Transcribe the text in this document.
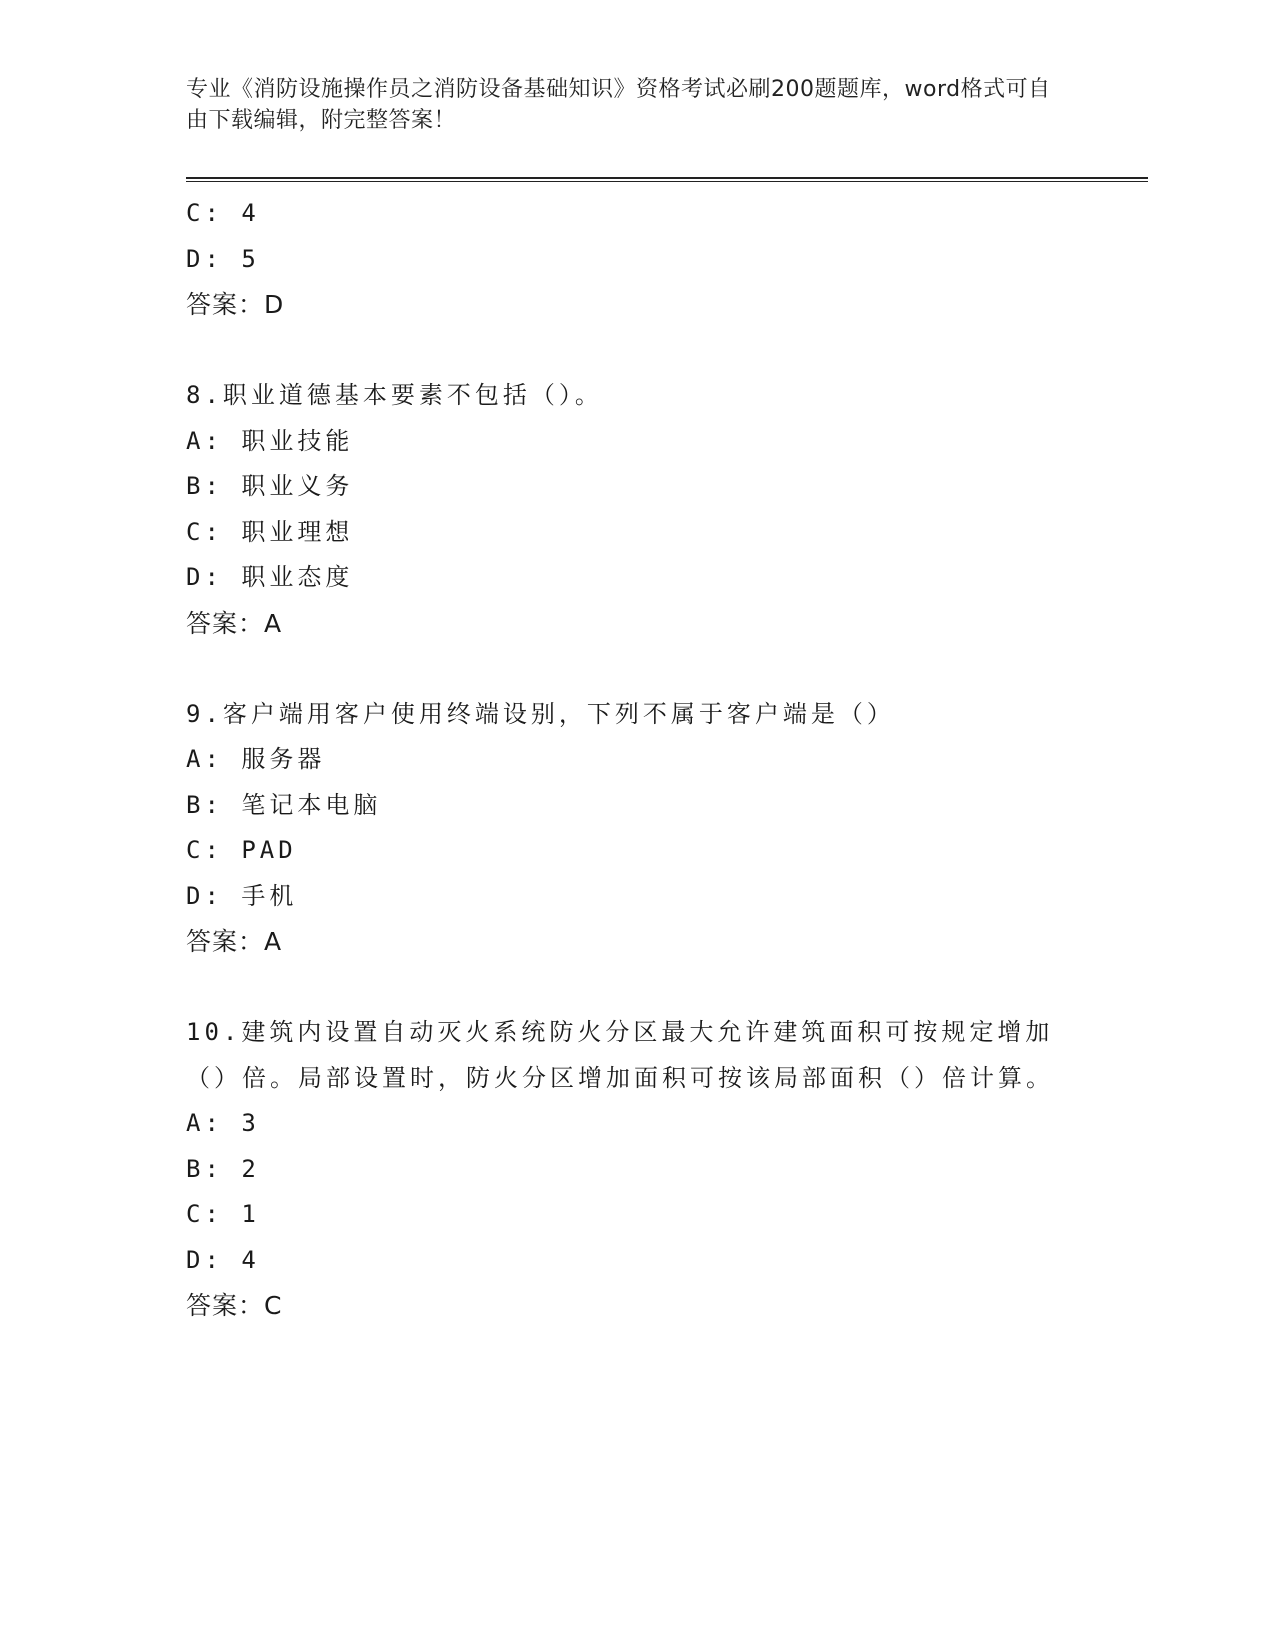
专业《消防设施操作员之消防设备基础知识》资格考试必刷200题题库，word格式可自由下载编辑，附完整答案！
C: 4
D: 5
答案：D
8.职业道德基本要素不包括（）。
A: 职业技能
B: 职业义务
C: 职业理想
D: 职业态度
答案：A
9.客户端用客户使用终端设别，下列不属于客户端是（）
A: 服务器
B: 笔记本电脑
C: PAD
D: 手机
答案：A
10.建筑内设置自动灭火系统防火分区最大允许建筑面积可按规定增加（）倍。局部设置时，防火分区增加面积可按该局部面积（）倍计算。
A: 3
B: 2
C: 1
D: 4
答案：C
